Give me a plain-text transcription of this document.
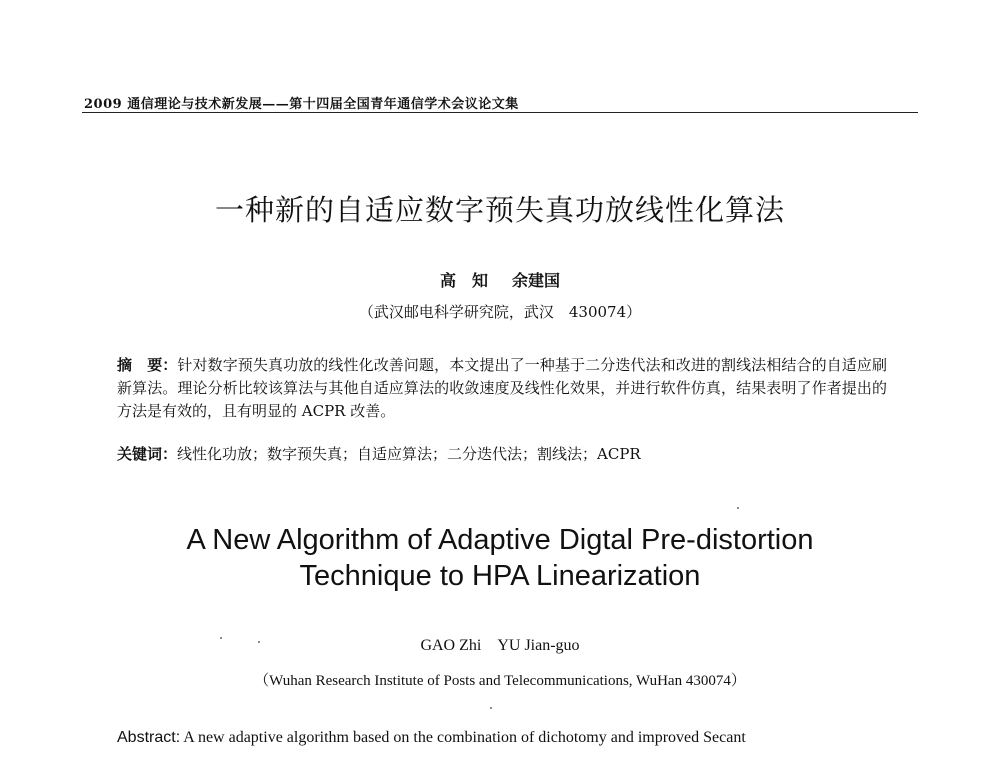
2009 通信理论与技术新发展——第十四届全国青年通信学术会议论文集
一种新的自适应数字预失真功放线性化算法
高　知 余建国
（武汉邮电科学研究院，武汉　430074）
摘　要：针对数字预失真功放的线性化改善问题，本文提出了一种基于二分迭代法和改进的割线法相结合的自适应刷新算法。理论分析比较该算法与其他自适应算法的收敛速度及线性化效果，并进行软件仿真，结果表明了作者提出的方法是有效的，且有明显的 ACPR 改善。
关键词：线性化功放；数字预失真；自适应算法；二分迭代法；割线法；ACPR
A New Algorithm of Adaptive Digtal Pre-distortion
Technique to HPA Linearization
GAO Zhi YU Jian-guo
（Wuhan Research Institute of Posts and Telecommunications, WuHan 430074）
Abstract: A new adaptive algorithm based on the combination of dichotomy and improved Secant
